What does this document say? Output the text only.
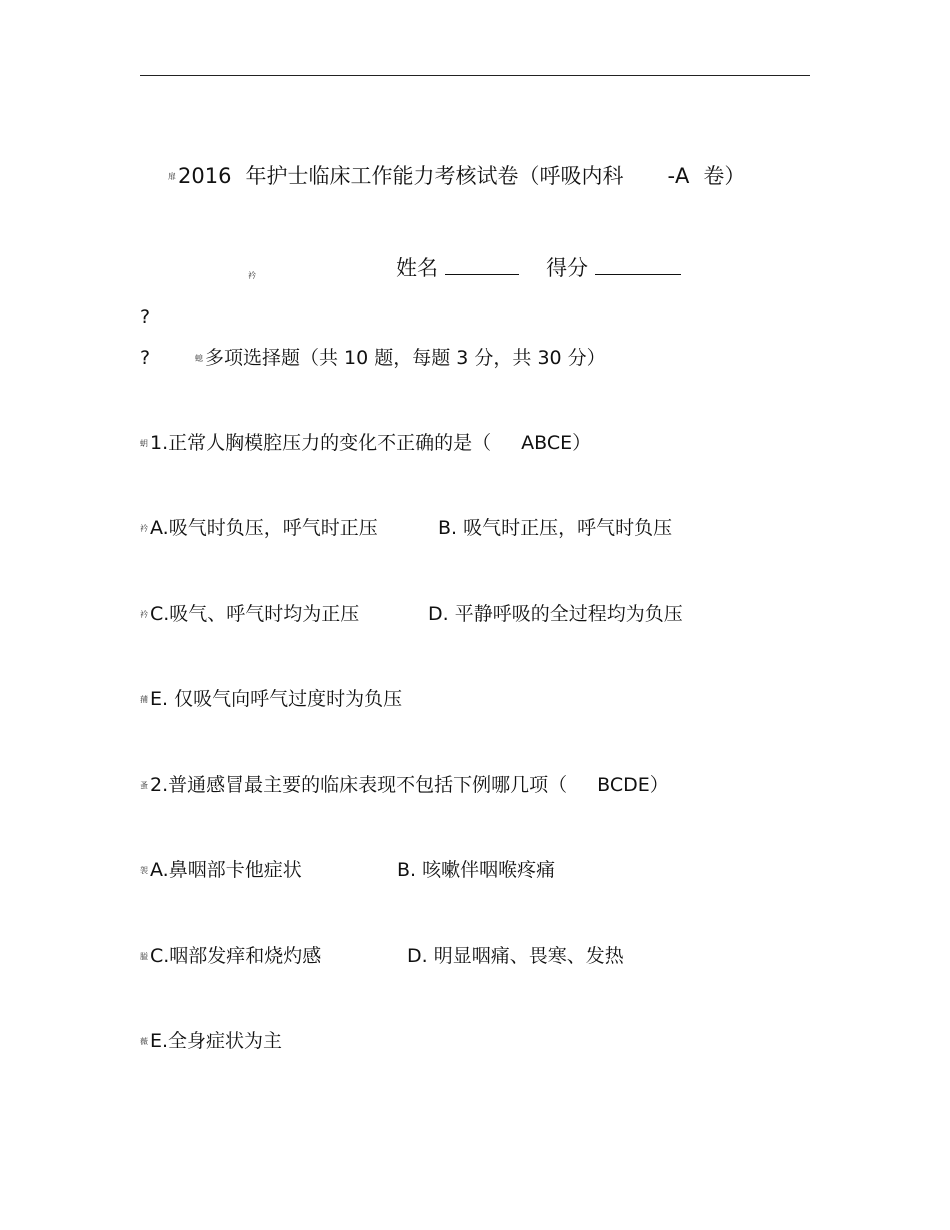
扉2016 年护士临床工作能力考核试卷（呼吸内科 -A 卷）
衿	姓名	得分
?
?	螅 多项选择题（共 10 题，每题 3 分，共 30 分）
蚏 1.正常人胸模腔压力的变化不正确的是（ ABCE）
衿 A.吸气时负压，呼气时正压	B. 吸气时正压，呼气时负压
衿 C.吸气、呼气时均为正压	D. 平静呼吸的全过程均为负压
蒱 E. 仅吸气向呼气过度时为负压
蚤 2.普通感冒最主要的临床表现不包括下例哪几项（ BCDE）
袈 A.鼻咽部卡他症状	B. 咳嗽伴咽喉疼痛
膉 C.咽部发痒和烧灼感	D. 明显咽痛、畏寒、发热
薇 E.全身症状为主
